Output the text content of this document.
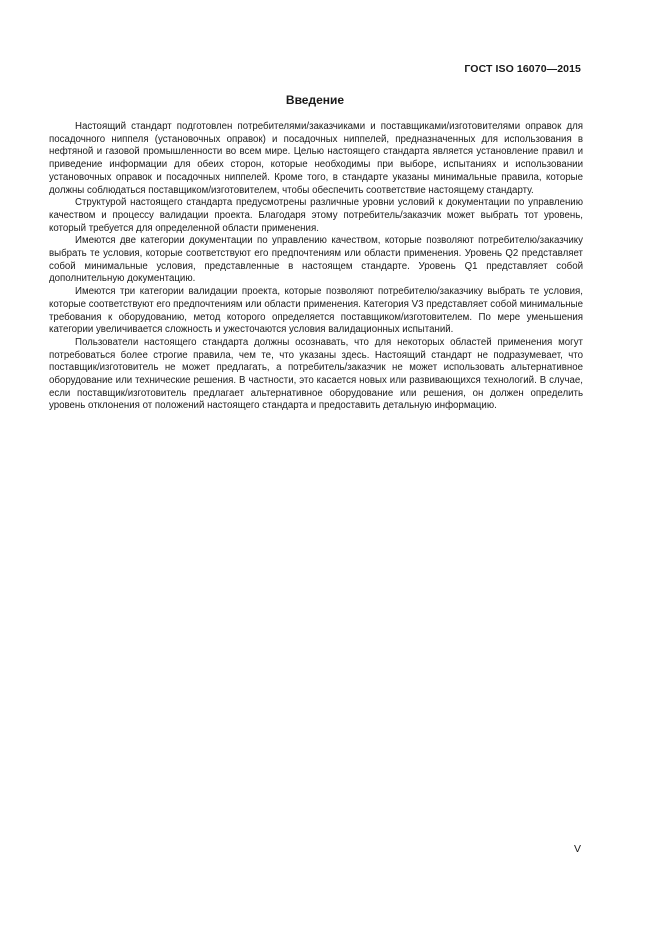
ГОСТ ISO 16070—2015
Введение

Настоящий стандарт подготовлен потребителями/заказчиками и поставщиками/изготовителями оправок для посадочного ниппеля (установочных оправок) и посадочных ниппелей, предназначенных для использования в нефтяной и газовой промышленности во всем мире. Целью настоящего стандарта является установление правил и приведение информации для обеих сторон, которые необходимы при выборе, испытаниях и использовании установочных оправок и посадочных ниппелей. Кроме того, в стандарте указаны минимальные правила, которые должны соблюдаться поставщиком/изготовителем, чтобы обеспечить соответствие настоящему стандарту.

Структурой настоящего стандарта предусмотрены различные уровни условий к документации по управлению качеством и процессу валидации проекта. Благодаря этому потребитель/заказчик может выбрать тот уровень, который требуется для определенной области применения.

Имеются две категории документации по управлению качеством, которые позволяют потребителю/заказчику выбрать те условия, которые соответствуют его предпочтениям или области применения. Уровень Q2 представляет собой минимальные условия, представленные в настоящем стандарте. Уровень Q1 представляет собой дополнительную документацию.

Имеются три категории валидации проекта, которые позволяют потребителю/заказчику выбрать те условия, которые соответствуют его предпочтениям или области применения. Категория V3 представляет собой минимальные требования к оборудованию, метод которого определяется поставщиком/изготовителем. По мере уменьшения категории увеличивается сложность и ужесточаются условия валидационных испытаний.

Пользователи настоящего стандарта должны осознавать, что для некоторых областей применения могут потребоваться более строгие правила, чем те, что указаны здесь. Настоящий стандарт не подразумевает, что поставщик/изготовитель не может предлагать, а потребитель/заказчик не может использовать альтернативное оборудование или технические решения. В частности, это касается новых или развивающихся технологий. В случае, если поставщик/изготовитель предлагает альтернативное оборудование или решения, он должен определить уровень отклонения от положений настоящего стандарта и предоставить детальную информацию.

V
